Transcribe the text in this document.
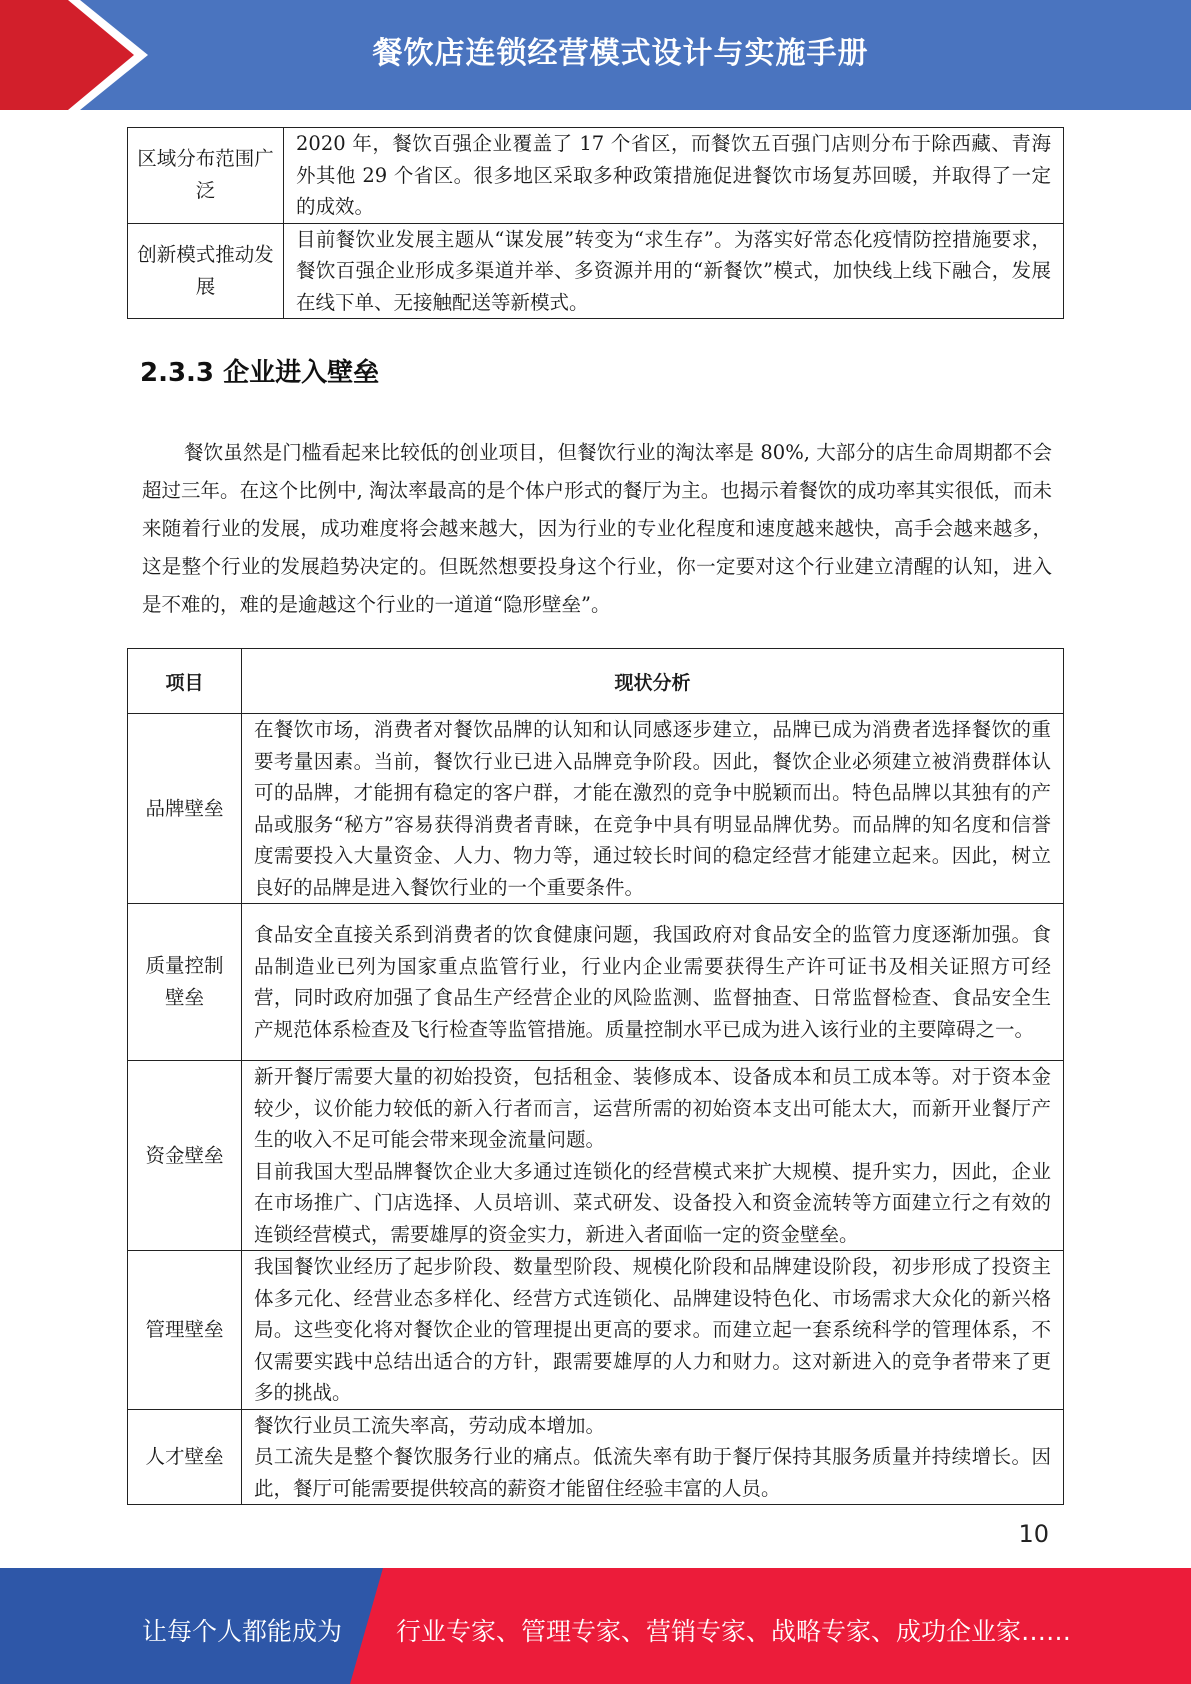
餐饮店连锁经营模式设计与实施手册
区域分布范围广泛	2020 年，餐饮百强企业覆盖了 17 个省区，而餐饮五百强门店则分布于除西藏、青海外其他 29 个省区。很多地区采取多种政策措施促进餐饮市场复苏回暖，并取得了一定的成效。
创新模式推动发展	目前餐饮业发展主题从“谋发展”转变为“求生存”。为落实好常态化疫情防控措施要求，餐饮百强企业形成多渠道并举、多资源并用的“新餐饮”模式，加快线上线下融合，发展在线下单、无接触配送等新模式。
2.3.3 企业进入壁垒

餐饮虽然是门槛看起来比较低的创业项目，但餐饮行业的淘汰率是 80%, 大部分的店生命周期都不会超过三年。在这个比例中, 淘汰率最高的是个体户形式的餐厅为主。也揭示着餐饮的成功率其实很低，而未来随着行业的发展，成功难度将会越来越大，因为行业的专业化程度和速度越来越快，高手会越来越多，这是整个行业的发展趋势决定的。但既然想要投身这个行业，你一定要对这个行业建立清醒的认知，进入是不难的，难的是逾越这个行业的一道道“隐形壁垒”。

项目	现状分析
品牌壁垒	在餐饮市场，消费者对餐饮品牌的认知和认同感逐步建立，品牌已成为消费者选择餐饮的重要考量因素。当前，餐饮行业已进入品牌竞争阶段。因此，餐饮企业必须建立被消费群体认可的品牌，才能拥有稳定的客户群，才能在激烈的竞争中脱颖而出。特色品牌以其独有的产品或服务“秘方”容易获得消费者青睐，在竞争中具有明显品牌优势。而品牌的知名度和信誉度需要投入大量资金、人力、物力等，通过较长时间的稳定经营才能建立起来。因此，树立良好的品牌是进入餐饮行业的一个重要条件。

质量控制壁垒	食品安全直接关系到消费者的饮食健康问题，我国政府对食品安全的监管力度逐渐加强。食品制造业已列为国家重点监管行业，行业内企业需要获得生产许可证书及相关证照方可经营，同时政府加强了食品生产经营企业的风险监测、监督抽查、日常监督检查、食品安全生产规范体系检查及飞行检查等监管措施。质量控制水平已成为进入该行业的主要障碍之一。

资金壁垒	新开餐厅需要大量的初始投资，包括租金、装修成本、设备成本和员工成本等。对于资本金较少，议价能力较低的新入行者而言，运营所需的初始资本支出可能太大，而新开业餐厅产生的收入不足可能会带来现金流量问题。
目前我国大型品牌餐饮企业大多通过连锁化的经营模式来扩大规模、提升实力，因此，企业在市场推广、门店选择、人员培训、菜式研发、设备投入和资金流转等方面建立行之有效的连锁经营模式，需要雄厚的资金实力，新进入者面临一定的资金壁垒。

管理壁垒	我国餐饮业经历了起步阶段、数量型阶段、规模化阶段和品牌建设阶段，初步形成了投资主体多元化、经营业态多样化、经营方式连锁化、品牌建设特色化、市场需求大众化的新兴格局。这些变化将对餐饮企业的管理提出更高的要求。而建立起一套系统科学的管理体系，不仅需要实践中总结出适合的方针，跟需要雄厚的人力和财力。这对新进入的竞争者带来了更多的挑战。

人才壁垒	餐饮行业员工流失率高，劳动成本增加。
员工流失是整个餐饮服务行业的痛点。低流失率有助于餐厅保持其服务质量并持续增长。因此，餐厅可能需要提供较高的薪资才能留住经验丰富的人员。
10
让每个人都能成为 行业专家、管理专家、营销专家、战略专家、成功企业家……
